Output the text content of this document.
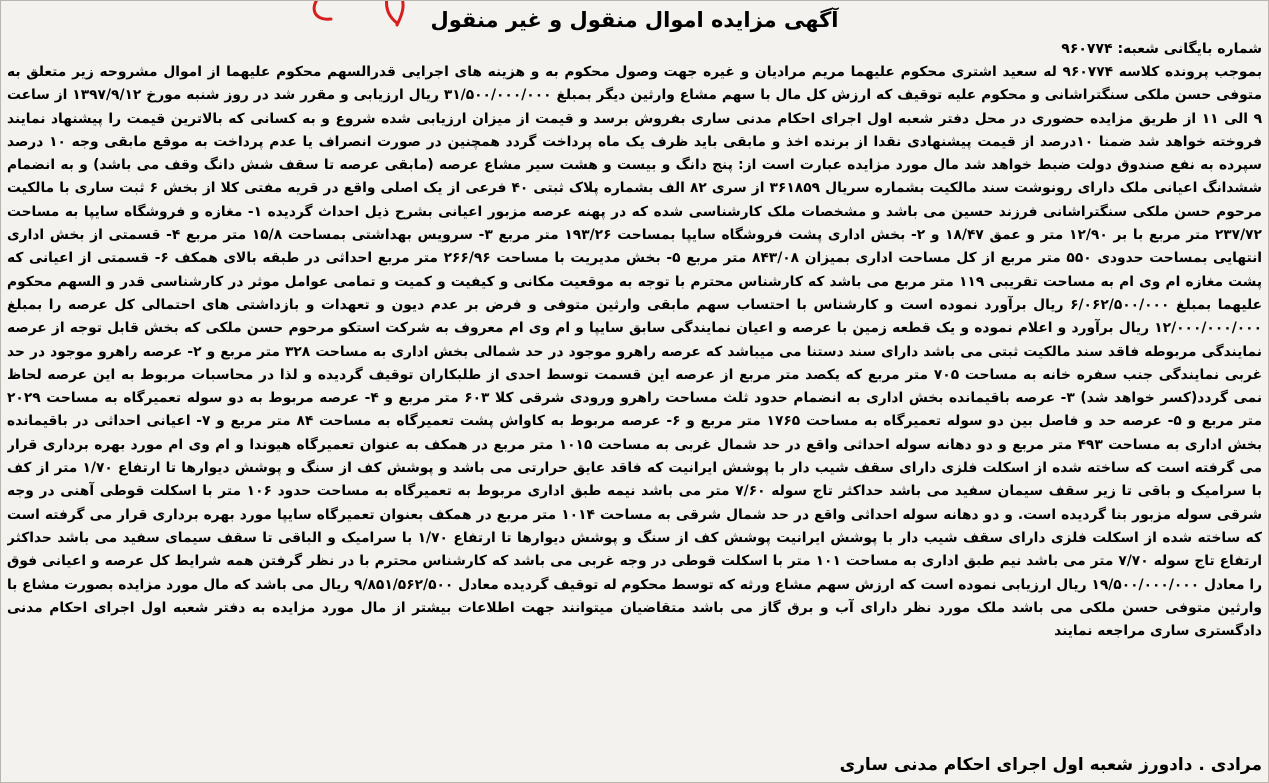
آگهی مزایده اموال منقول و غیر منقول
شماره بایگانی شعبه: ۹۶۰۷۷۴

بموجب پرونده کلاسه ۹۶۰۷۷۴ له سعید اشتری محکوم علیهما مریم مرادیان و غیره جهت وصول محکوم به و هزینه های اجرایی قدرالسهم محکوم علیهما از اموال مشروحه زیر متعلق به متوفی حسن ملکی سنگتراشانی و محکوم علیه توقیف که ارزش کل مال با سهم مشاع وارثین دیگر بمبلغ ۳۱/۵۰۰/۰۰۰/۰۰۰ ریال ارزیابی و مقرر شد در روز شنبه مورخ ۱۳۹۷/۹/۱۲ از ساعت ۹ الی ۱۱ از طریق مزایده حضوری در محل دفتر شعبه اول اجرای احکام مدنی ساری بفروش برسد و قیمت از میزان ارزیابی شده شروع و به کسانی که بالاترین قیمت را پیشنهاد نمایند فروخته خواهد شد ضمنا ۱۰درصد از قیمت پیشنهادی نقدا از برنده اخذ و مابقی باید ظرف یک ماه پرداخت گردد همچنین در صورت انصراف یا عدم پرداخت به موقع مابقی وجه ۱۰ درصد سپرده به نفع صندوق دولت ضبط خواهد شد مال مورد مزایده عبارت است از: پنج دانگ و بیست و هشت سیر مشاع عرصه (مابقی عرصه تا سقف شش دانگ وقف می باشد) و به انضمام ششدانگ اعیانی ملک دارای رونوشت سند مالکیت بشماره سریال ۳۶۱۸۵۹ از سری ۸۲ الف بشماره پلاک ثبتی ۴۰ فرعی از یک اصلی واقع در قریه مفتی کلا از بخش ۶ ثبت ساری با مالکیت مرحوم حسن ملکی سنگتراشانی فرزند حسین می باشد و مشخصات ملک کارشناسی شده که در پهنه عرصه مزبور اعیانی بشرح ذیل احداث گردیده ۱- مغازه و فروشگاه سایپا به مساحت ۲۳۷/۷۲ متر مربع با بر ۱۲/۹۰ متر و عمق ۱۸/۴۷ و ۲- بخش اداری پشت فروشگاه سایپا بمساحت ۱۹۳/۲۶ متر مربع ۳- سرویس بهداشتی بمساحت ۱۵/۸ متر مربع ۴- قسمتی از بخش اداری انتهایی بمساحت حدودی ۵۵۰ متر مربع از کل مساحت اداری بمیزان ۸۴۳/۰۸ متر مربع ۵- بخش مدیریت با مساحت ۲۶۶/۹۶ متر مربع احداثی در طبقه بالای همکف ۶- قسمتی از اعیانی که پشت مغازه ام وی ام به مساحت تقریبی ۱۱۹ متر مربع می باشد که کارشناس محترم با توجه به موقعیت مکانی و کیفیت و کمیت و تمامی عوامل موثر در کارشناسی قدر و السهم محکوم علیهما بمبلغ ۶/۰۶۲/۵۰۰/۰۰۰ ریال برآورد نموده است و کارشناس با احتساب سهم مابقی وارثین متوفی و فرض بر عدم دیون و تعهدات و بازداشتی های احتمالی کل عرصه را بمبلغ ۱۲/۰۰۰/۰۰۰/۰۰۰ ریال برآورد و اعلام نموده و یک قطعه زمین با عرصه و اعیان نمایندگی سابق سایپا و ام وی ام معروف به شرکت استکو مرحوم حسن ملکی که بخش قابل توجه از عرصه نمایندگی مربوطه فاقد سند مالکیت ثبتی می باشد دارای سند دستنا می میباشد که عرصه راهرو موجود در حد شمالی بخش اداری به مساحت ۳۲۸ متر مربع و ۲- عرصه راهرو موجود در حد غربی نمایندگی جنب سفره خانه به مساحت ۷۰۵ متر مربع که یکصد متر مربع از عرصه این قسمت توسط احدی از طلبکاران توقیف گردیده و لذا در محاسبات مربوط به این عرصه لحاظ نمی گردد(کسر خواهد شد) ۳- عرصه باقیمانده بخش اداری به انضمام حدود ثلث مساحت راهرو ورودی شرقی کلا ۶۰۳ متر مربع و ۴- عرصه مربوط به دو سوله تعمیرگاه به مساحت ۲۰۲۹ متر مربع و ۵- عرصه حد و فاصل بین دو سوله تعمیرگاه به مساحت ۱۷۶۵ متر مربع و ۶- عرصه مربوط به کاواش پشت تعمیرگاه به مساحت ۸۴ متر مربع و ۷- اعیانی احداثی در باقیمانده بخش اداری به مساحت ۴۹۳ متر مربع و دو دهانه سوله احداثی واقع در حد شمال غربی به مساحت ۱۰۱۵ متر مربع در همکف به عنوان تعمیرگاه هیوندا و ام وی ام مورد بهره برداری قرار می گرفته است که ساخته شده از اسکلت فلزی دارای سقف شیب دار با پوشش ایرانیت که فاقد عایق حرارتی می باشد و پوشش کف از سنگ و پوشش دیوارها تا ارتفاع ۱/۷۰ متر از کف با سرامیک و باقی تا زیر سقف سیمان سفید می باشد حداکثر تاج سوله ۷/۶۰ متر می باشد نیمه طبق اداری مربوط به تعمیرگاه به مساحت حدود ۱۰۶ متر با اسکلت قوطی آهنی در وجه شرقی سوله مزبور بنا گردیده است. و دو دهانه سوله احداثی واقع در حد شمال شرقی به مساحت ۱۰۱۴ متر مربع در همکف بعنوان تعمیرگاه سایپا مورد بهره برداری قرار می گرفته است که ساخته شده از اسکلت فلزی دارای سقف شیب دار با پوشش ایرانیت پوشش کف از سنگ و پوشش دیوارها تا ارتفاع ۱/۷۰ با سرامیک و الباقی تا سقف سیمای سفید می باشد حداکثر ارتفاع تاج سوله ۷/۷۰ متر می باشد نیم طبق اداری به مساحت ۱۰۱ متر با اسکلت قوطی در وجه غربی می باشد که کارشناس محترم با در نظر گرفتن همه شرایط کل عرصه و اعیانی فوق را معادل ۱۹/۵۰۰/۰۰۰/۰۰۰ ریال ارزیابی نموده است که ارزش سهم مشاع ورثه که توسط محکوم له توقیف گردیده معادل ۹/۸۵۱/۵۶۲/۵۰۰ ریال می باشد که مال مورد مزایده بصورت مشاع با وارثین متوفی حسن ملکی می باشد ملک مورد نظر دارای آب و برق گاز می باشد متقاضیان میتوانند جهت اطلاعات بیشتر از مال مورد مزایده به دفتر شعبه اول اجرای احکام مدنی دادگستری ساری مراجعه نمایند

مرادی . دادورز شعبه اول اجرای احکام مدنی ساری
